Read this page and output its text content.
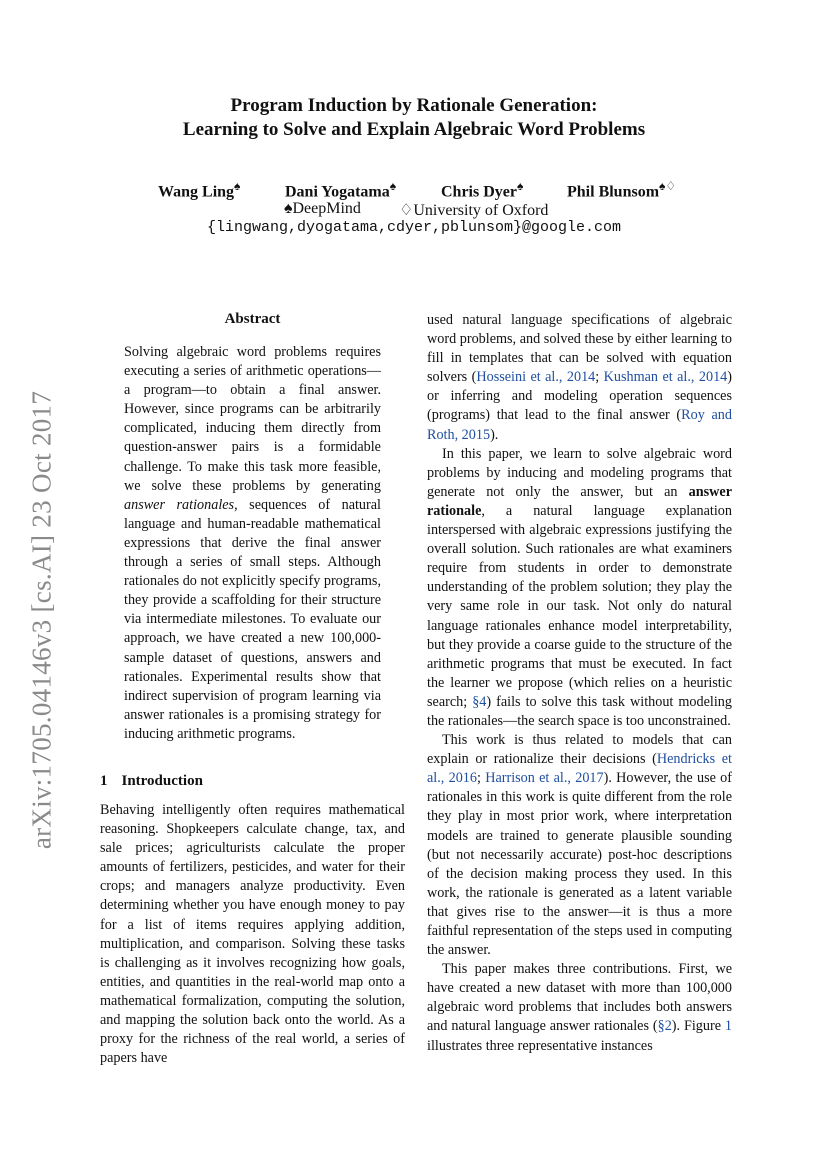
arXiv:1705.04146v3 [cs.AI] 23 Oct 2017
Program Induction by Rationale Generation:
Learning to Solve and Explain Algebraic Word Problems
Wang Ling♠	Dani Yogatama♠	Chris Dyer♠	Phil Blunsom♠♢
♠DeepMind ♢University of Oxford
{lingwang,dyogatama,cdyer,pblunsom}@google.com
Abstract
Solving algebraic word problems requires executing a series of arithmetic operations—a program—to obtain a final answer. However, since programs can be arbitrarily complicated, inducing them directly from question-answer pairs is a formidable challenge. To make this task more feasible, we solve these problems by generating answer rationales, sequences of natural language and human-readable mathematical expressions that derive the final answer through a series of small steps. Although rationales do not explicitly specify programs, they provide a scaffolding for their structure via intermediate milestones. To evaluate our approach, we have created a new 100,000-sample dataset of questions, answers and rationales. Experimental results show that indirect supervision of program learning via answer rationales is a promising strategy for inducing arithmetic programs.
1 Introduction

Behaving intelligently often requires mathematical reasoning. Shopkeepers calculate change, tax, and sale prices; agriculturists calculate the proper amounts of fertilizers, pesticides, and water for their crops; and managers analyze productivity. Even determining whether you have enough money to pay for a list of items requires applying addition, multiplication, and comparison. Solving these tasks is challenging as it involves recognizing how goals, entities, and quantities in the real-world map onto a mathematical formalization, computing the solution, and mapping the solution back onto the world. As a proxy for the richness of the real world, a series of papers have

used natural language specifications of algebraic word problems, and solved these by either learning to fill in templates that can be solved with equation solvers (Hosseini et al., 2014; Kushman et al., 2014) or inferring and modeling operation sequences (programs) that lead to the final answer (Roy and Roth, 2015).

In this paper, we learn to solve algebraic word problems by inducing and modeling programs that generate not only the answer, but an answer rationale, a natural language explanation interspersed with algebraic expressions justifying the overall solution. Such rationales are what examiners require from students in order to demonstrate understanding of the problem solution; they play the very same role in our task. Not only do natural language rationales enhance model interpretability, but they provide a coarse guide to the structure of the arithmetic programs that must be executed. In fact the learner we propose (which relies on a heuristic search; §4) fails to solve this task without modeling the rationales—the search space is too unconstrained.

This work is thus related to models that can explain or rationalize their decisions (Hendricks et al., 2016; Harrison et al., 2017). However, the use of rationales in this work is quite different from the role they play in most prior work, where interpretation models are trained to generate plausible sounding (but not necessarily accurate) post-hoc descriptions of the decision making process they used. In this work, the rationale is generated as a latent variable that gives rise to the answer—it is thus a more faithful representation of the steps used in computing the answer.

This paper makes three contributions. First, we have created a new dataset with more than 100,000 algebraic word problems that includes both answers and natural language answer rationales (§2). Figure 1 illustrates three representative instances
